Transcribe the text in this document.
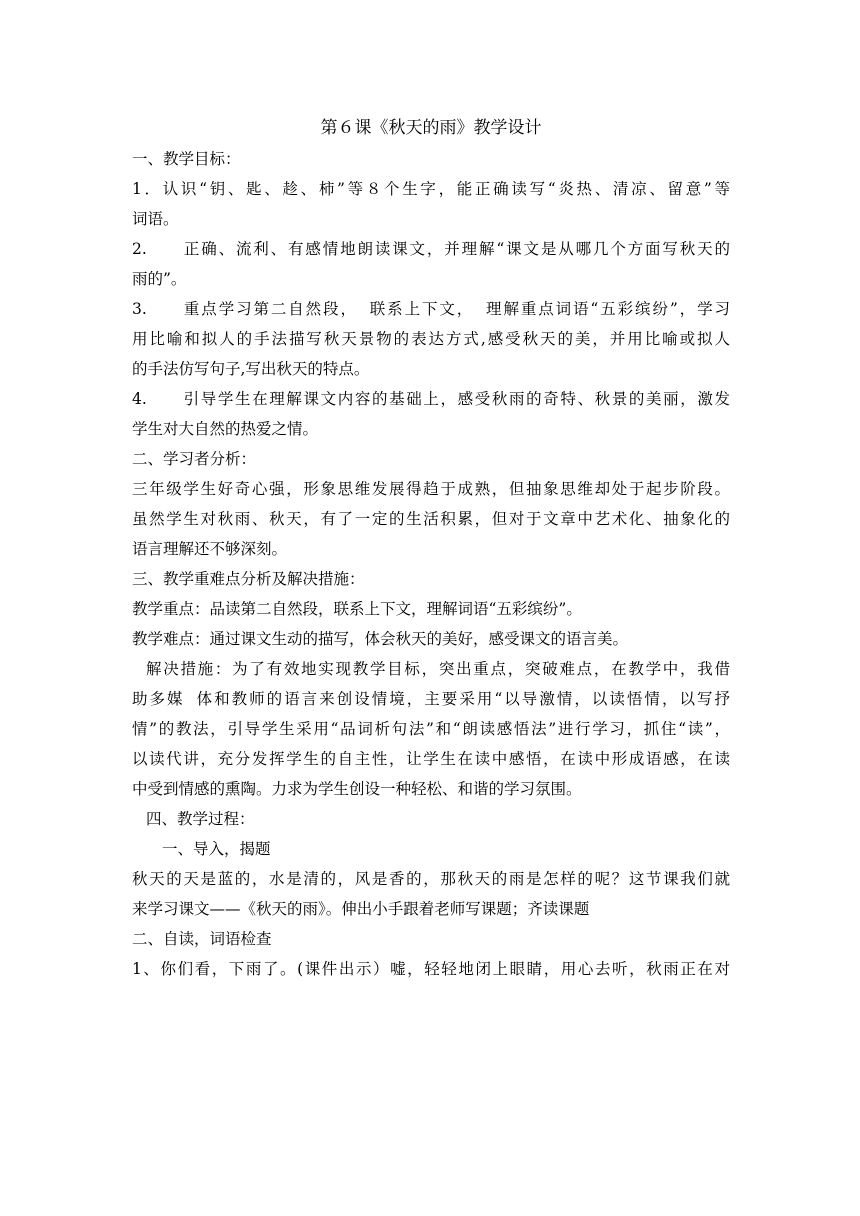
第６课《秋天的雨》教学设计

一、教学目标：

1．认识“钥、匙、趁、柿”等８个生字，能正确读写“炎热、清凉、留意”等

词语。

2. 正确、流利、有感情地朗读课文，并理解“课文是从哪几个方面写秋天的

雨的”。

3. 重点学习第二自然段， 联系上下文， 理解重点词语“五彩缤纷”，学习

用比喻和拟人的手法描写秋天景物的表达方式,感受秋天的美，并用比喻或拟人

的手法仿写句子,写出秋天的特点。

4. 引导学生在理解课文内容的基础上，感受秋雨的奇特、秋景的美丽，激发

学生对大自然的热爱之情。

二、学习者分析：

三年级学生好奇心强，形象思维发展得趋于成熟，但抽象思维却处于起步阶段。

虽然学生对秋雨、秋天，有了一定的生活积累，但对于文章中艺术化、抽象化的

语言理解还不够深刻。

三、教学重难点分析及解决措施：

教学重点：品读第二自然段，联系上下文，理解词语“五彩缤纷”。

教学难点：通过课文生动的描写，体会秋天的美好，感受课文的语言美。

解决措施：为了有效地实现教学目标，突出重点，突破难点，在教学中，我借

助多媒 体和教师的语言来创设情境，主要采用“以导激情，以读悟情，以写抒

情”的教法，引导学生采用“品词析句法”和“朗读感悟法”进行学习，抓住“读”，

以读代讲，充分发挥学生的自主性，让学生在读中感悟，在读中形成语感，在读

中受到情感的熏陶。力求为学生创设一种轻松、和谐的学习氛围。

四、教学过程：

一、导入，揭题

秋天的天是蓝的，水是清的，风是香的，那秋天的雨是怎样的呢？这节课我们就

来学习课文——《秋天的雨》。伸出小手跟着老师写课题；齐读课题

二、自读，词语检查

1、你们看，下雨了。(课件出示）嘘，轻轻地闭上眼睛，用心去听，秋雨正在对
